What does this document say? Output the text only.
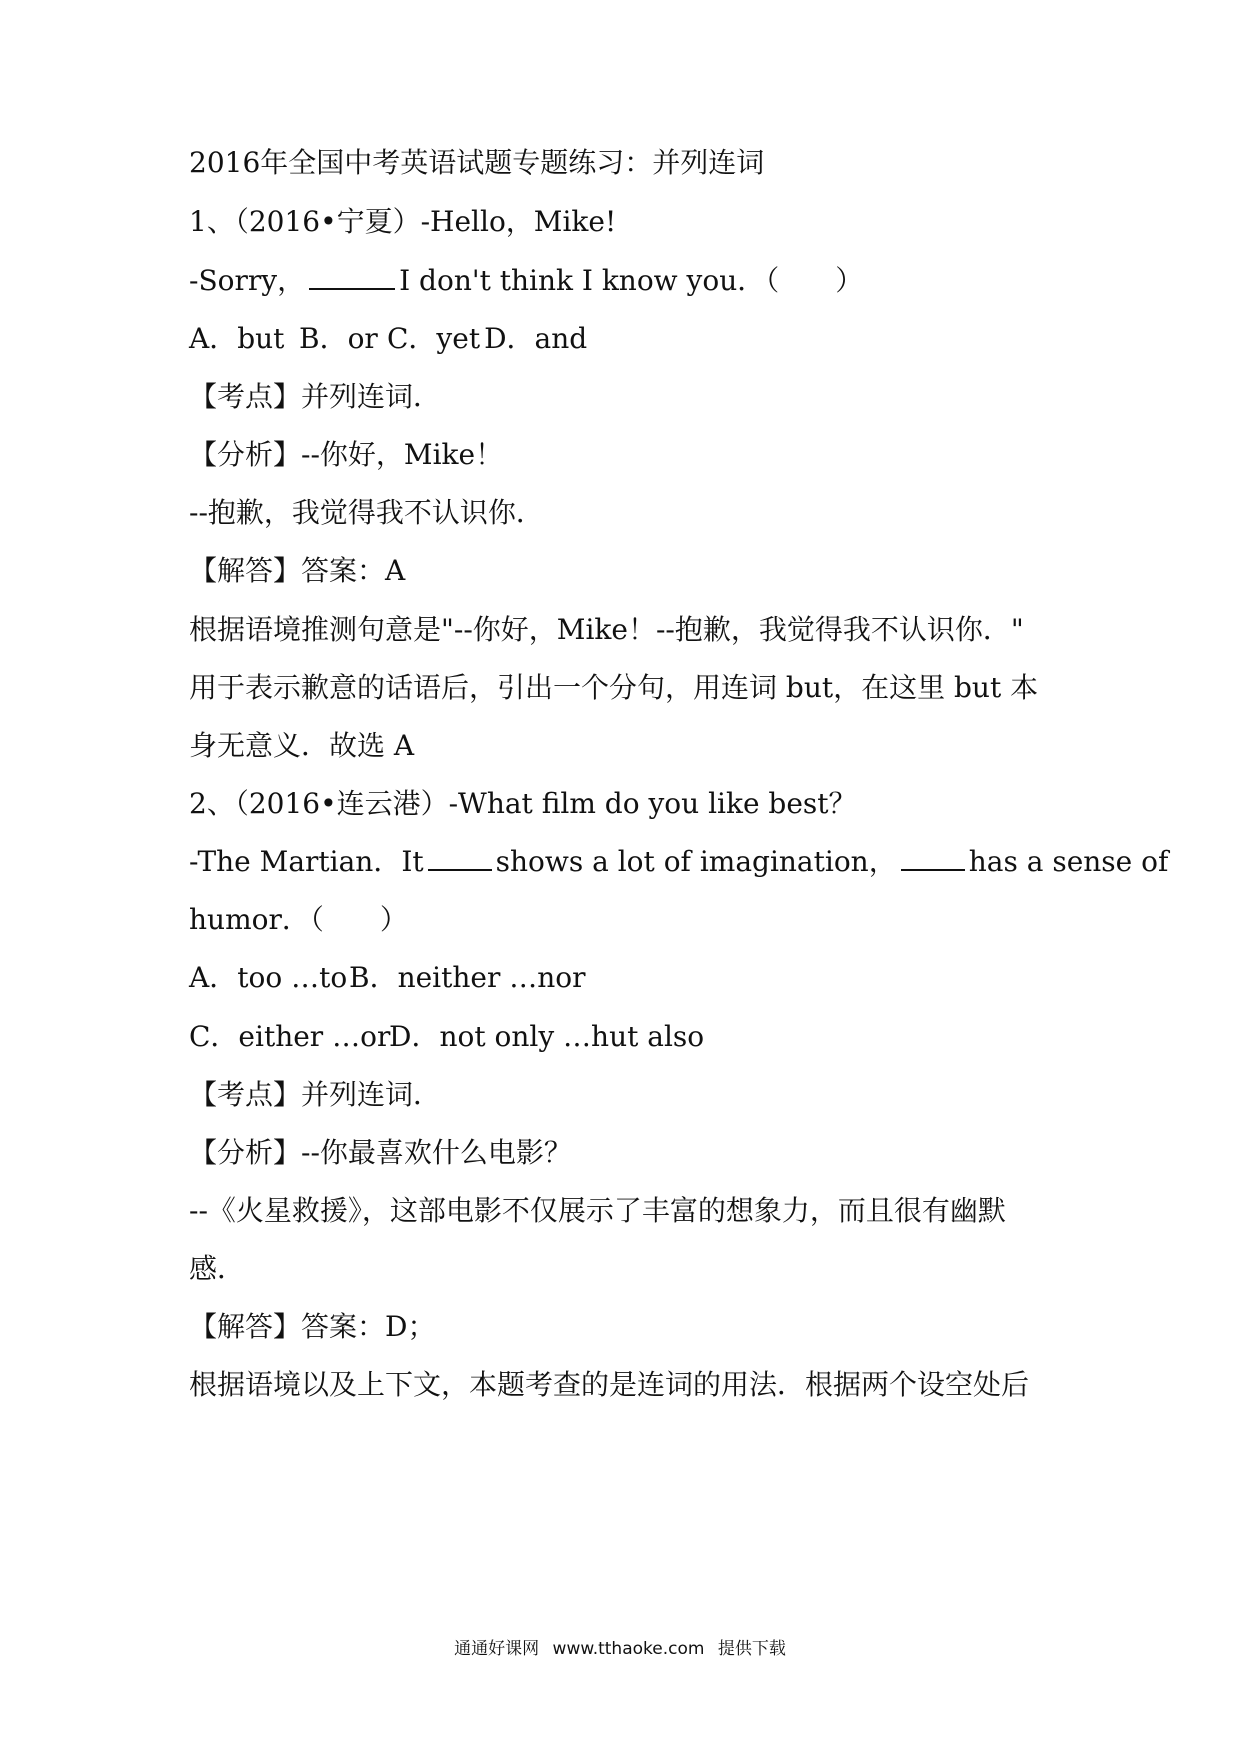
2016年全国中考英语试题专题练习：并列连词
1、（2016•宁夏）-Hello，Mike!
-Sorry，	I don't think I know you．（　　）
A．but B．or C．yet D．and
【考点】并列连词．
【分析】--你好，Mike！
--抱歉，我觉得我不认识你．
【解答】答案：A
根据语境推测句意是"--你好，Mike！--抱歉，我觉得我不认识你．"
用于表示歉意的话语后，引出一个分句，用连词 but，在这里 but 本
身无意义．故选 A
2、（2016•连云港）-What film do you like best？
-The Martian．It	shows a lot of imagination，	has a sense of
humor．（　　）
A．too …toB．neither …nor
C．either …orD．not only …hut also
【考点】并列连词．
【分析】--你最喜欢什么电影？
--《火星救援》，这部电影不仅展示了丰富的想象力，而且很有幽默
感．
【解答】答案：D；
根据语境以及上下文，本题考查的是连词的用法．根据两个设空处后
通通好课网 www.tthaoke.com 提供下载
